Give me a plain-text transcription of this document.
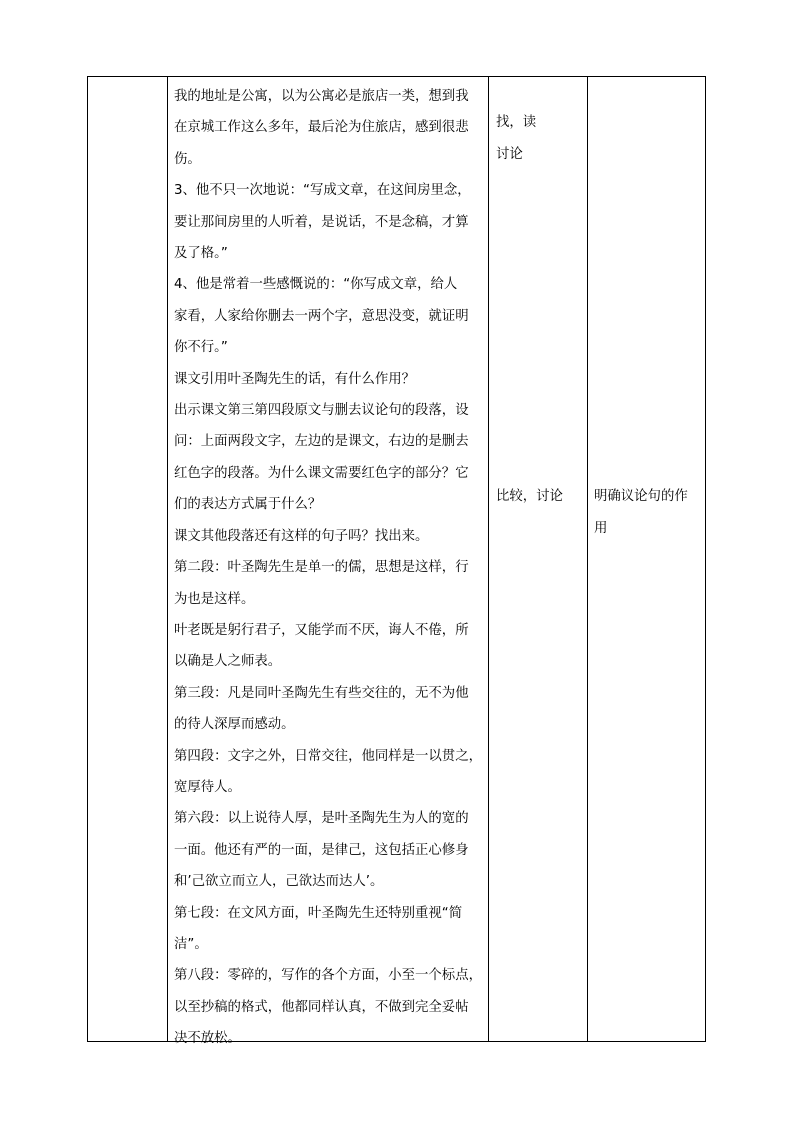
我的地址是公寓，以为公寓必是旅店一类，想到我

在京城工作这么多年，最后沦为住旅店，感到很悲

伤。

3、他不只一次地说：“写成文章，在这间房里念，

要让那间房里的人听着，是说话，不是念稿，才算

及了格。”

4、他是常着一些感慨说的：“你写成文章，给人

家看，人家给你删去一两个字，意思没变，就证明

你不行。”

课文引用叶圣陶先生的话，有什么作用？

出示课文第三第四段原文与删去议论句的段落，设

问：上面两段文字，左边的是课文，右边的是删去

红色字的段落。为什么课文需要红色字的部分？它

们的表达方式属于什么？

课文其他段落还有这样的句子吗？找出来。

第二段：叶圣陶先生是单一的儒，思想是这样，行

为也是这样。

叶老既是躬行君子，又能学而不厌，诲人不倦，所

以确是人之师表。

第三段：凡是同叶圣陶先生有些交往的，无不为他

的待人深厚而感动。

第四段：文字之外，日常交往，他同样是一以贯之，

宽厚待人。

第六段：以上说待人厚，是叶圣陶先生为人的宽的

一面。他还有严的一面，是律己，这包括正心修身

和’己欲立而立人，己欲达而达人’。

第七段：在文风方面，叶圣陶先生还特别重视“简

洁”。

第八段：零碎的，写作的各个方面，小至一个标点，

以至抄稿的格式，他都同样认真，不做到完全妥帖

决不放松。

找，读
讨论
比较，讨论	明确议论句的作
用
